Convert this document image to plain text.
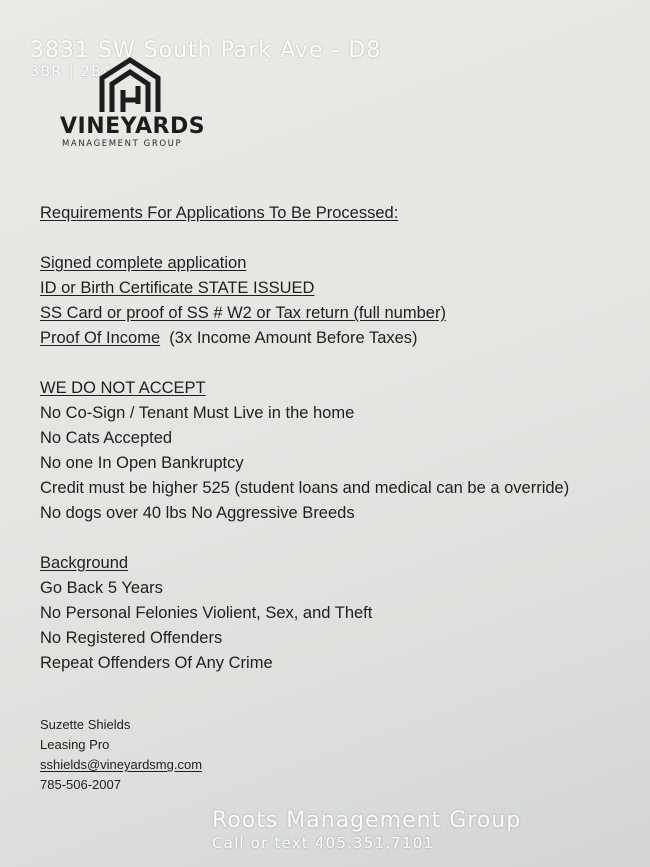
3831 SW South Park Ave - D8
3BR | 2BA
VINEYARDS
MANAGEMENT GROUP
Requirements For Applications To Be Processed:
Signed complete application
ID or Birth Certificate STATE ISSUED
SS Card or proof of SS # W2 or Tax return (full number)
Proof Of Income  (3x Income Amount Before Taxes)
WE DO NOT ACCEPT
No Co-Sign / Tenant Must Live in the home
No Cats Accepted
No one In Open Bankruptcy
Credit must be higher 525 (student loans and medical can be a override)
No dogs over 40 lbs No Aggressive Breeds
Background
Go Back 5 Years
No Personal Felonies Violient, Sex, and Theft
No Registered Offenders
Repeat Offenders Of Any Crime
Suzette Shields
Leasing Pro
sshields@vineyardsmg.com
785-506-2007
Roots Management Group
Call or text 405.351.7101
